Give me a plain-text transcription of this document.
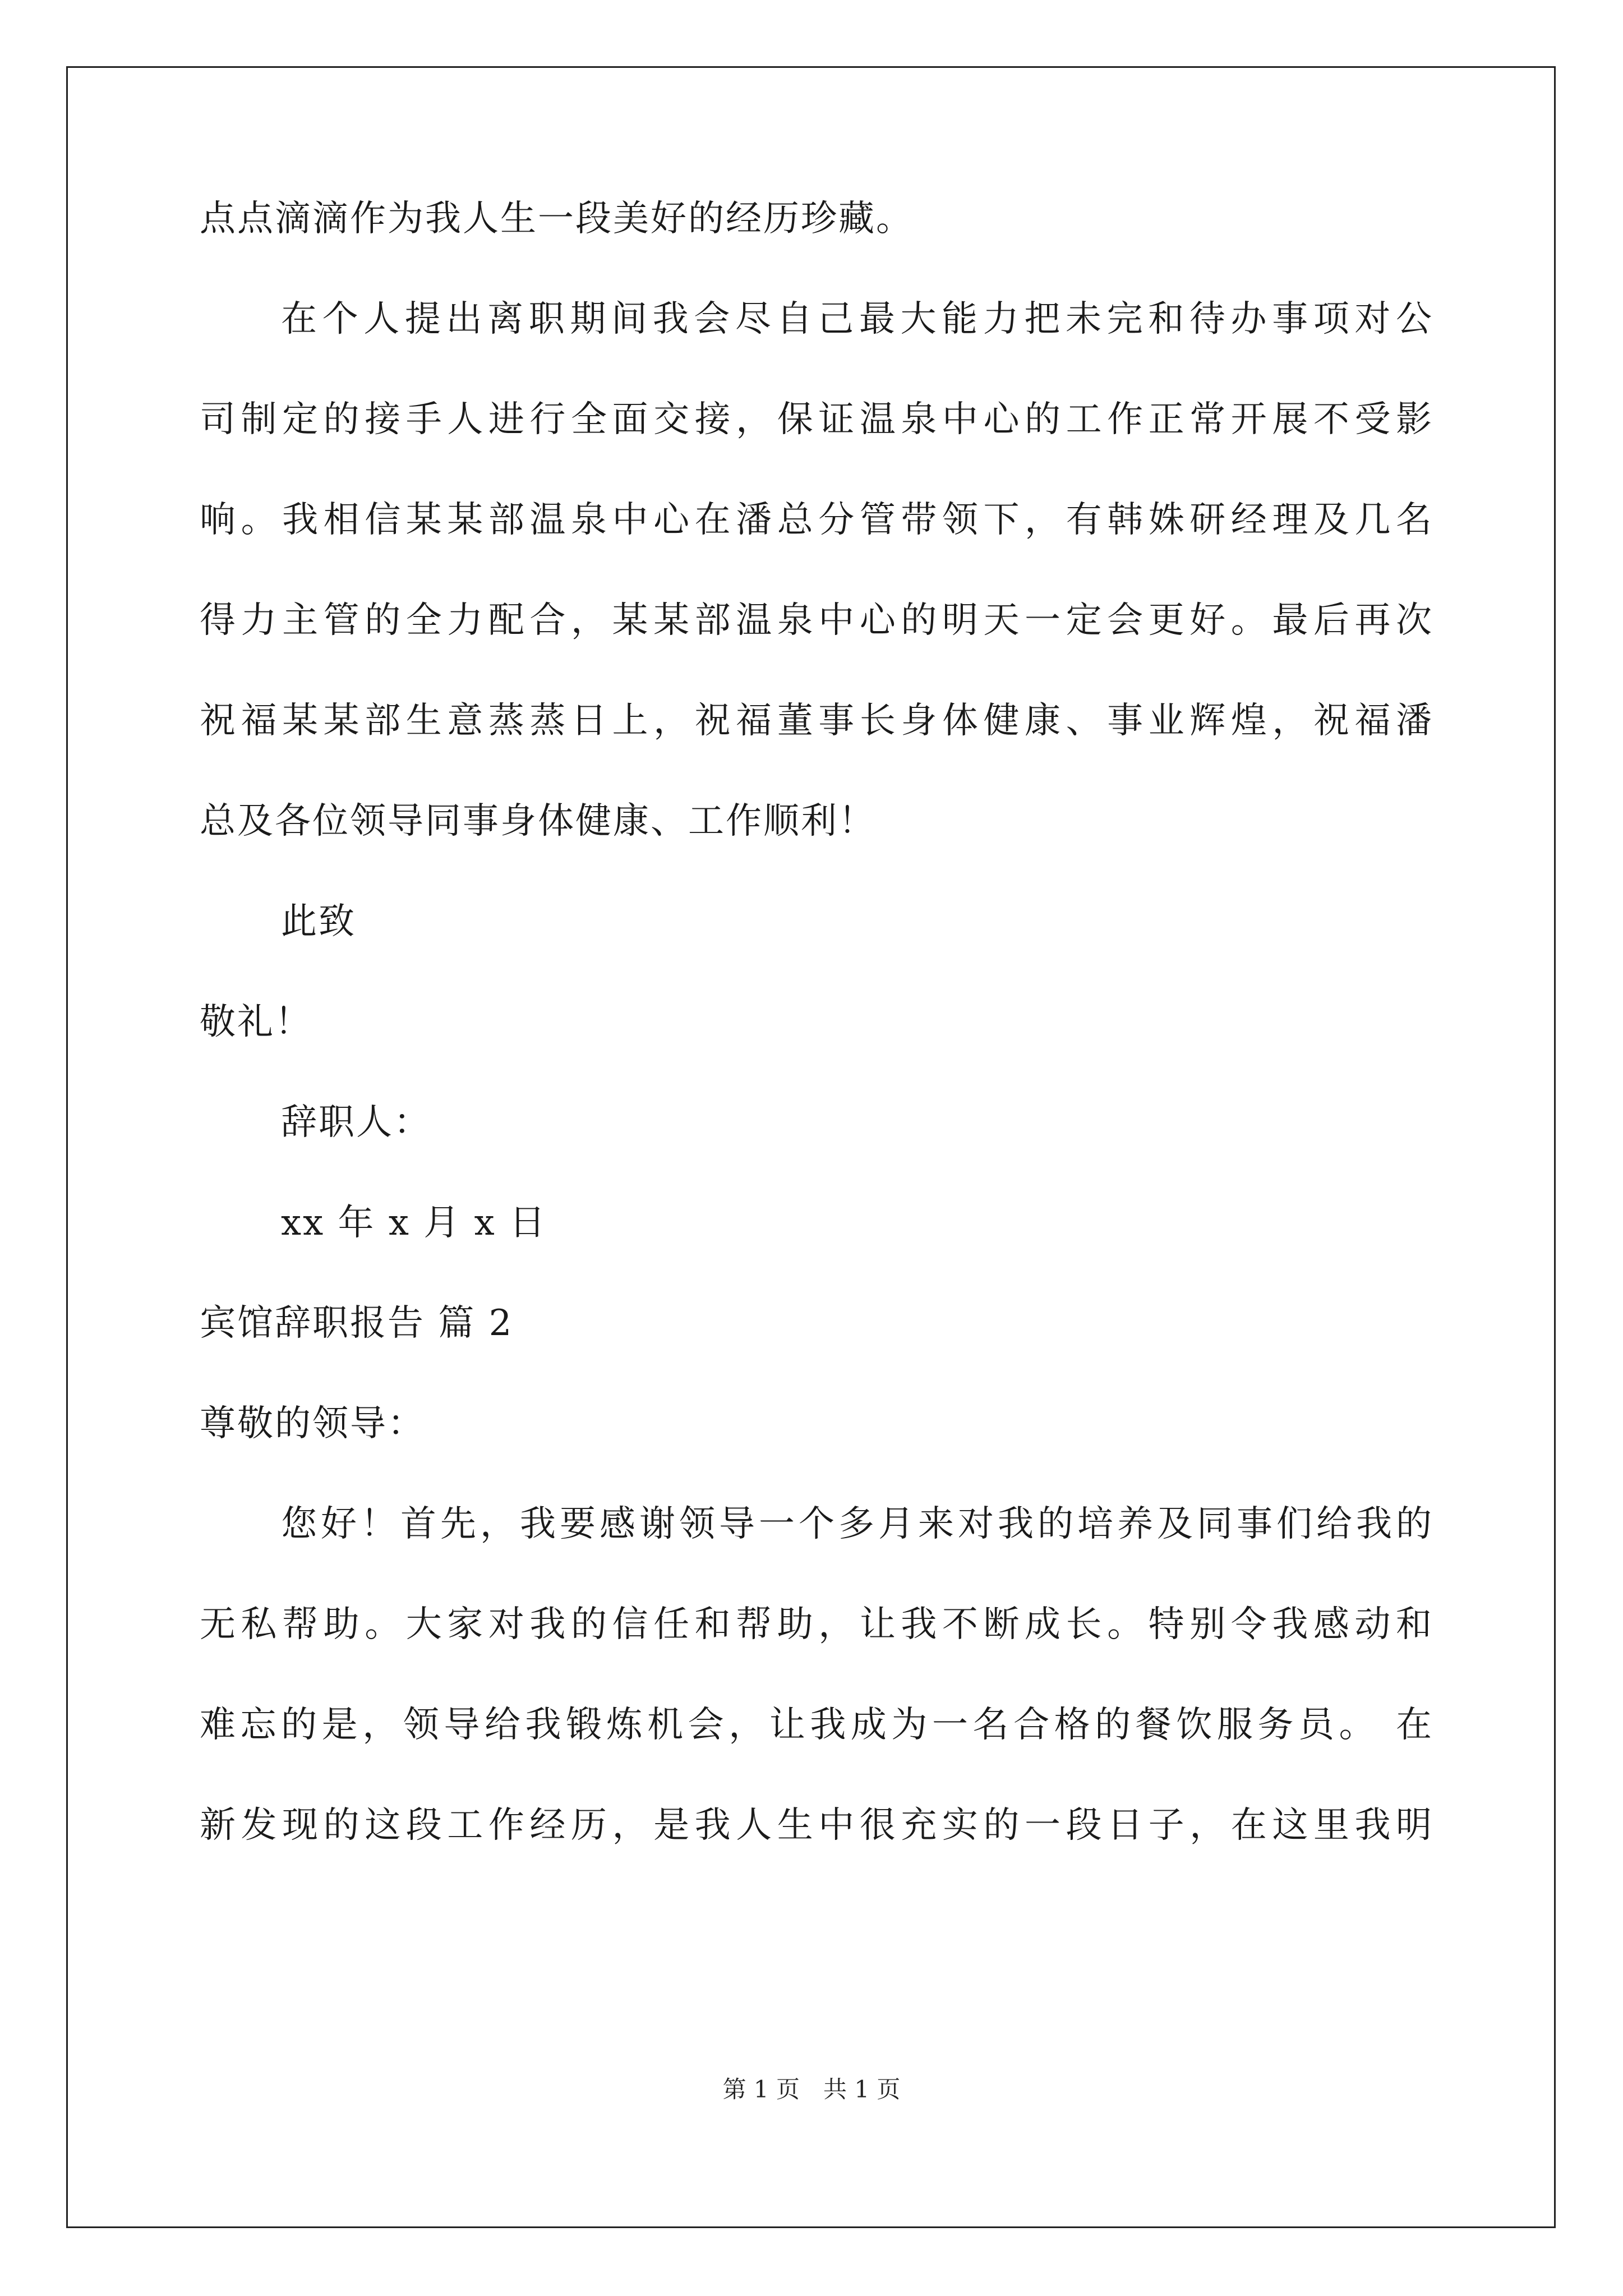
点点滴滴作为我人生一段美好的经历珍藏。
在个人提出离职期间我会尽自己最大能力把未完和待办事项对公
司制定的接手人进行全面交接，保证温泉中心的工作正常开展不受影
响。我相信某某部温泉中心在潘总分管带领下，有韩姝研经理及几名
得力主管的全力配合，某某部温泉中心的明天一定会更好。最后再次
祝福某某部生意蒸蒸日上，祝福董事长身体健康、事业辉煌，祝福潘
总及各位领导同事身体健康、工作顺利！
此致
敬礼！
辞职人：
xx 年 x 月 x 日
宾馆辞职报告 篇 2
尊敬的领导：
您好！首先，我要感谢领导一个多月来对我的培养及同事们给我的
无私帮助。大家对我的信任和帮助，让我不断成长。特别令我感动和
难忘的是，领导给我锻炼机会，让我成为一名合格的餐饮服务员。 在
新发现的这段工作经历，是我人生中很充实的一段日子，在这里我明
第 1 页　共 1 页
